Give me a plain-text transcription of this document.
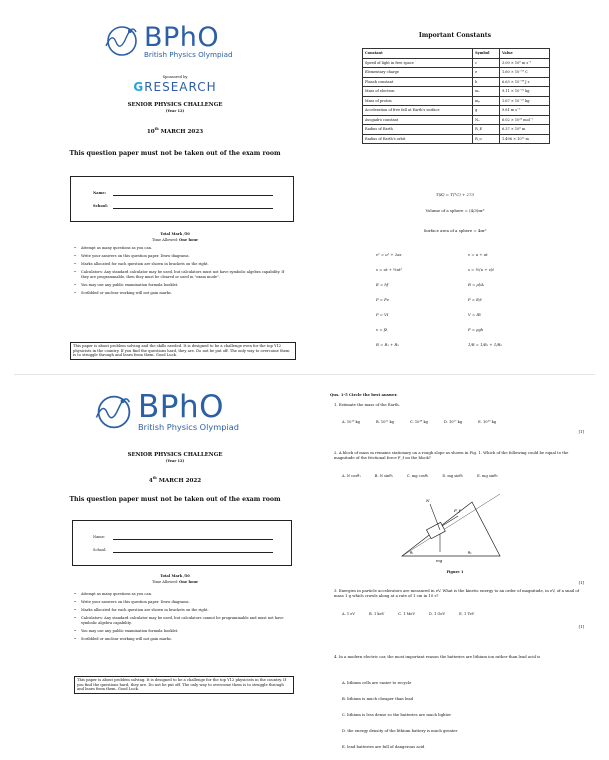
BPhO
British Physics Olympiad
Sponsored by
GRESEARCH
SENIOR PHYSICS CHALLENGE
(Year 12)
10th MARCH 2023
This question paper must not be taken out of the exam room
Name:
School:
Total Mark /50
Time Allowed: One hour
• Attempt as many questions as you can.
• Write your answers on this question paper. Draw diagrams.
• Marks allocated for each question are shown in brackets on the right.
• Calculators: Any standard calculator may be used, but calculators must not have symbolic algebra capability. If they are programmable, then they must be cleared or used in "exam mode".
• You may use any public examination formula booklet.
• Scribbled or unclear working will not gain marks.
This paper is about problem solving and the skills needed. It is designed to be a challenge even for the top Y12 physicists in the country. If you find the questions hard, they are. Do not be put off. The only way to overcome them is to struggle through and learn from them. Good Luck.
Important Constants
Constant	Symbol	Value
Speed of light in free space	c	3.00 × 10⁸ m s⁻¹
Elementary charge	e	1.60 × 10⁻¹⁹ C
Planck constant	h	6.63 × 10⁻³⁴ J s
Mass of electron	mₑ	9.11 × 10⁻³¹ kg
Mass of proton	mₚ	1.67 × 10⁻²⁷ kg
Acceleration of free fall at Earth's surface	g	9.81 m s⁻²
Avogadro constant	Nₐ	6.02 × 10²³ mol⁻¹
Radius of Earth	R_E	6.37 × 10⁶ m
Radius of Earth's orbit	R_o	1.496 × 10¹¹ m
T(K) = T(°C) + 273
Volume of a sphere = (4/3)πr³
Surface area of a sphere = 4πr²
v² = u² + 2as
s = ut + ½at²
E = hf
P = Fv
P = VI
v = fλ
R = R₁ + R₂
v = u + at
s = ½(u + v)t
R = ρl/A
P = E/t
V = IR
P = ρgh
1/R = 1/R₁ + 1/R₂
BPhO
British Physics Olympiad
SENIOR PHYSICS CHALLENGE
(Year 12)
4th MARCH 2022
This question paper must not be taken out of the exam room
Name:
School:
Total Mark /50
Time Allowed: One hour
• Attempt as many questions as you can.
• Write your answers on this question paper. Draw diagrams.
• Marks allocated for each question are shown in brackets on the right.
• Calculators: Any standard calculator may be used, but calculators cannot be programmable and must not have symbolic algebra capability.
• You may use any public examination formula booklet.
• Scribbled or unclear working will not gain marks.
This paper is about problem solving. It is designed to be a challenge for the top Y12 physicists in the country. If you find the questions hard, they are. Do not be put off. The only way to overcome them is to struggle through and learn from them. Good Luck.
Qus. 1-5 Circle the best answer.
1. Estimate the mass of the Earth.
A. 10¹⁸ kg	B. 10²¹ kg	C. 10²⁴ kg	D. 10²⁷ kg	E. 10³⁰ kg
[1]
2. A block of mass m remains stationary on a rough slope as shown in Fig. 1. Which of the following could be equal to the magnitude of the frictional force F_f on the block?
A. N cosθ₁	B. N sinθ₁	C. mg cosθ₂	D. mg sinθ₁	E. mg sinθ₂
N
F_f
mg
θ₁	θ₂
Figure 1
[1]
3. Energies in particle accelerators are measured in eV. What is the kinetic energy to an order of magnitude, in eV, of a snail of mass 1 g which crawls along at a rate of 1 cm in 10 s?
A. 1 eV	B. 1 keV	C. 1 MeV	D. 1 GeV	E. 1 TeV
[1]
4. In a modern electric car, the most important reason the batteries are lithium ion rather than lead acid is
A. lithium cells are easier to recycle
B. lithium is much cheaper than lead
C. lithium is less dense so the batteries are much lighter
D. the energy density of the lithium battery is much greater
E. lead batteries are full of dangerous acid
